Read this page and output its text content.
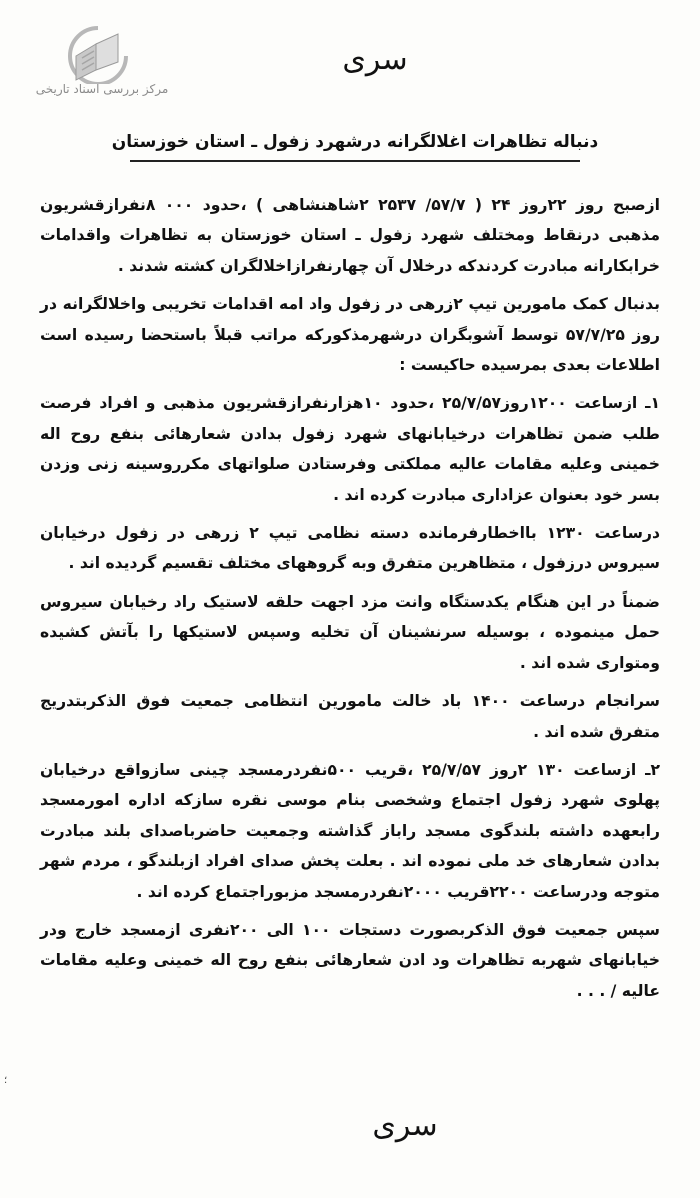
مرکز بررسی اسناد تاریخی
سری
دنباله تظاهرات اغلالگرانه درشهرد زفول ـ استان خوزستان

ازصبح روز ۲۲روز ۲۴ ( ۵۷/۷/ ۲۵۳۷ ۲شاهنشاهی ) ،حدود ۰۰۰ ۸نفرازقشریون مذهبی درنقاط ومختلف شهرد زفول ـ استان خوزستان به تظاهرات واقدامات خرابکارانه مبادرت کردندکه درخلال آن چهارنفرازاخلالگران کشته شدند .

بدنبال کمک مامورین تیپ ۲زرهی در زفول واد امه اقدامات تخریبی واخلالگرانه در روز ۵۷/۷/۲۵ توسط آشوبگران درشهرمذکورکه مراتب قبلاً باستحضا رسیده است اطلاعات بعدی بمرسیده حاکیست :

۱ـ ازساعت ۱۲۰۰روز۲۵/۷/۵۷ ،حدود ۱۰هزارنفرازقشریون مذهبی و افراد فرصت طلب ضمن تظاهرات درخیابانهای شهرد زفول بدادن شعارهائی بنفع روح اله خمینی وعلیه مقامات عالیه مملکتی وفرستادن صلواتهای مکرروسینه زنی وزدن بسر خود بعنوان عزاداری مبادرت کرده اند .

درساعت ۱۲۳۰ بااخطارفرمانده دسته نظامی تیپ ۲ زرهی در زفول درخیابان سیروس درزفول ، متظاهرین متفرق وبه گروههای مختلف تقسیم گردیده اند .

ضمناً در این هنگام یکدستگاه وانت مزد اجهت حلقه لاستیک راد رخیابان سیروس حمل مینموده ، بوسیله سرنشینان آن تخلیه وسپس لاستیکها را بآتش کشیده ومتواری شده اند .

سرانجام درساعت ۱۴۰۰ باد خالت مامورین انتظامی جمعیت فوق الذکربتدریج متفرق شده اند .

۲ـ ازساعت ۱۳۰ ۲روز ۲۵/۷/۵۷ ،قریب ۵۰۰نفردرمسجد چینی سازواقع درخیابان پهلوی شهرد زفول اجتماع وشخصی بنام موسی نقره سازکه اداره امورمسجد رابعهده داشته بلندگوی مسجد راباز گذاشته وجمعیت حاضرباصدای بلند مبادرت بدادن شعارهای خد ملی نموده اند . بعلت پخش صدای افراد ازبلندگو ، مردم شهر متوجه ودرساعت ۲۲۰۰قریب ۲۰۰۰نفردرمسجد مزبوراجتماع کرده اند .

سپس جمعیت فوق الذکربصورت دستجات ۱۰۰ الی ۲۰۰نفری ازمسجد خارج ودر خیابانهای شهربه تظاهرات ود ادن شعارهائی بنفع روح اله خمینی وعلیه مقامات عالیه / . . .

؛
سری
